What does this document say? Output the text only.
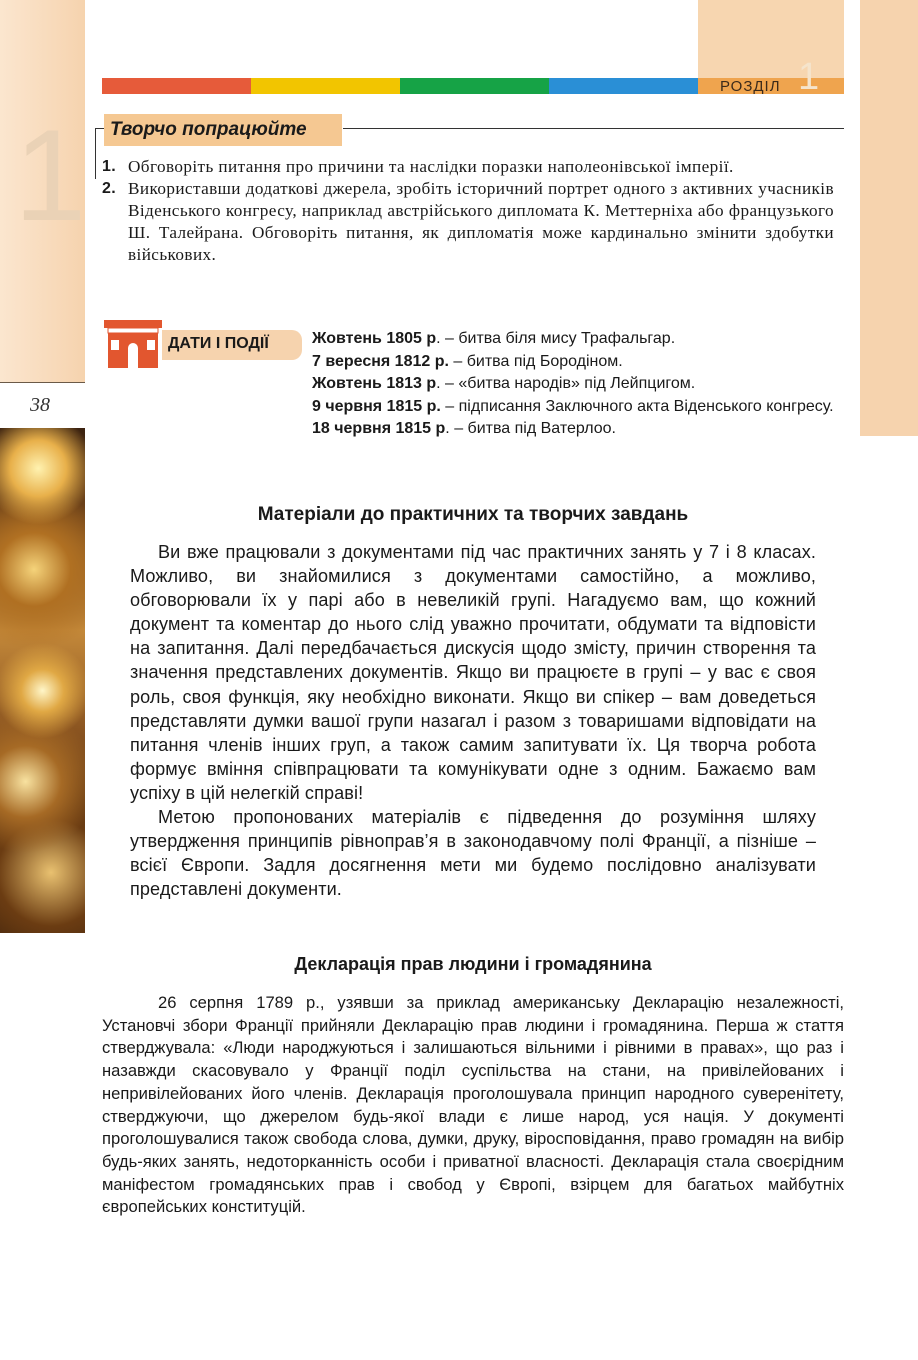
1
38
РОЗДІЛ 1
Творчо попрацюйте
1. Обговоріть питання про причини та наслідки поразки наполеонівської імперії.
2. Використавши додаткові джерела, зробіть історичний портрет одного з активних учасників Віденського конгресу, наприклад австрійського дипломата К. Меттерніха або французького Ш. Талейрана. Обговоріть питання, як дипломатія може кардинально змінити здобутки військових.
ДАТИ І ПОДІЇ	Жовтень 1805 р. – битва біля мису Трафальгар.
7 вересня 1812 р. – битва під Бородіном.
Жовтень 1813 р. – «битва народів» під Лейпцигом.
9 червня 1815 р. – підписання Заключного акта Віденського конгресу.
18 червня 1815 р. – битва під Ватерлоо.
Матеріали до практичних та творчих завдань

Ви вже працювали з документами під час практичних занять у 7 і 8 класах. Можливо, ви знайомилися з документами самостійно, а можливо, обговорювали їх у парі або в невеликій групі. Нагадуємо вам, що кожний документ та коментар до нього слід уважно прочитати, обдумати та відповісти на запитання. Далі передбачається дискусія щодо змісту, причин створення та значення представлених документів. Якщо ви працюєте в групі – у вас є своя роль, своя функція, яку необхідно виконати. Якщо ви спікер – вам доведеться представляти думки вашої групи назагал і разом з товаришами відповідати на питання членів інших груп, а також самим запитувати їх. Ця творча робота формує вміння співпрацювати та комунікувати одне з одним. Бажаємо вам успіху в цій нелегкій справі!

Метою пропонованих матеріалів є підведення до розуміння шляху утвердження принципів рівноправ’я в законодавчому полі Франції, а пізніше – всієї Європи. Задля досягнення мети ми будемо послідовно аналізувати представлені документи.

Декларація прав людини і громадянина

26 серпня 1789 р., узявши за приклад американську Декларацію незалежності, Установчі збори Франції прийняли Декларацію прав людини і громадянина. Перша ж стаття стверджувала: «Люди народжуються і залишаються вільними і рівними в правах», що раз і назавжди скасовувало у Франції поділ суспільства на стани, на привілейованих і непривілейованих його членів. Декларація проголошувала принцип народного суверенітету, стверджуючи, що джерелом будь-якої влади є лише народ, уся нація. У документі проголошувалися також свобода слова, думки, друку, віросповідання, право громадян на вибір будь-яких занять, недоторканність особи і приватної власності. Декларація стала своєрідним маніфестом громадянських прав і свобод у Європі, взірцем для багатьох майбутніх європейських конституцій.
